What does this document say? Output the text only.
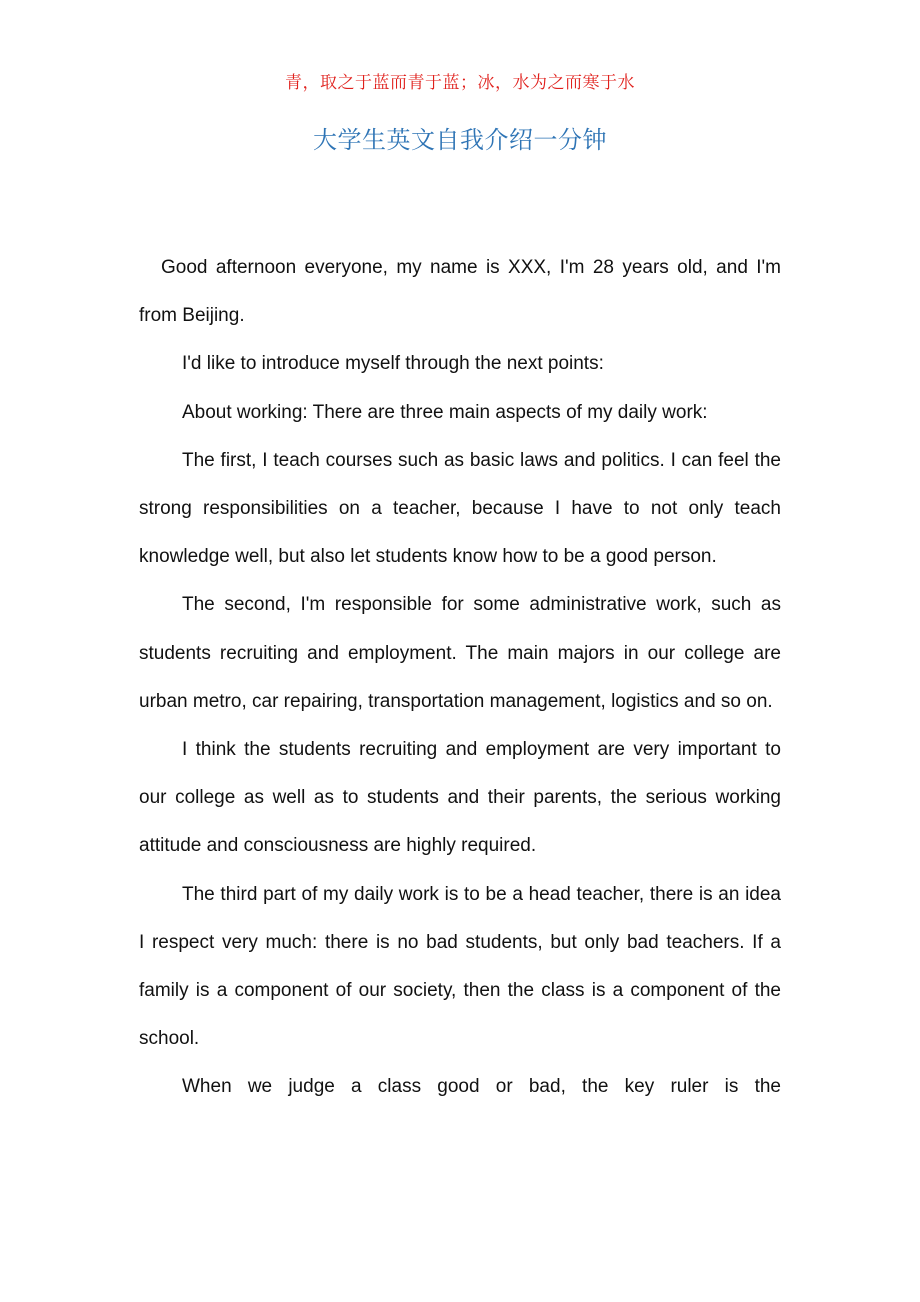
青，取之于蓝而青于蓝；冰，水为之而寒于水
大学生英文自我介绍一分钟

Good afternoon everyone, my name is XXX, I'm 28 years old, and I'm from Beijing.

I'd like to introduce myself through the next points:

About working: There are three main aspects of my daily work:

The first, I teach courses such as basic laws and politics. I can feel the strong responsibilities on a teacher, because I have to not only teach knowledge well, but also let students know how to be a good person.

The second, I'm responsible for some administrative work, such as students recruiting and employment. The main majors in our college are urban metro, car repairing, transportation management, logistics and so on.

I think the students recruiting and employment are very important to our college as well as to students and their parents, the serious working attitude and consciousness are highly required.

The third part of my daily work is to be a head teacher, there is an idea I respect very much: there is no bad students, but only bad teachers. If a family is a component of our society, then the class is a component of the school.

When we judge a class good or bad, the key ruler is the
